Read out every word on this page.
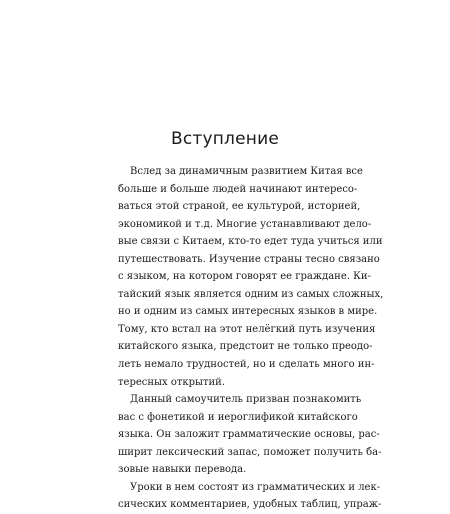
Вступление
Вслед за динамичным развитием Китая все
больше и больше людей начинают интересо-
ваться этой страной, ее культурой, историей,
экономикой и т.д. Многие устанавливают дело-
вые связи с Китаем, кто-то едет туда учиться или
путешествовать. Изучение страны тесно связано
с языком, на котором говорят ее граждане. Ки-
тайский язык является одним из самых сложных,
но и одним из самых интересных языков в мире.
Тому, кто встал на этот нелёгкий путь изучения
китайского языка, предстоит не только преодо-
леть немало трудностей, но и сделать много ин-
тересных открытий.
Данный самоучитель призван познакомить
вас с фонетикой и иероглификой китайского
языка. Он заложит грамматические основы, рас-
ширит лексический запас, поможет получить ба-
зовые навыки перевода.
Уроки в нем состоят из грамматических и лек-
сических комментариев, удобных таблиц, упраж-
